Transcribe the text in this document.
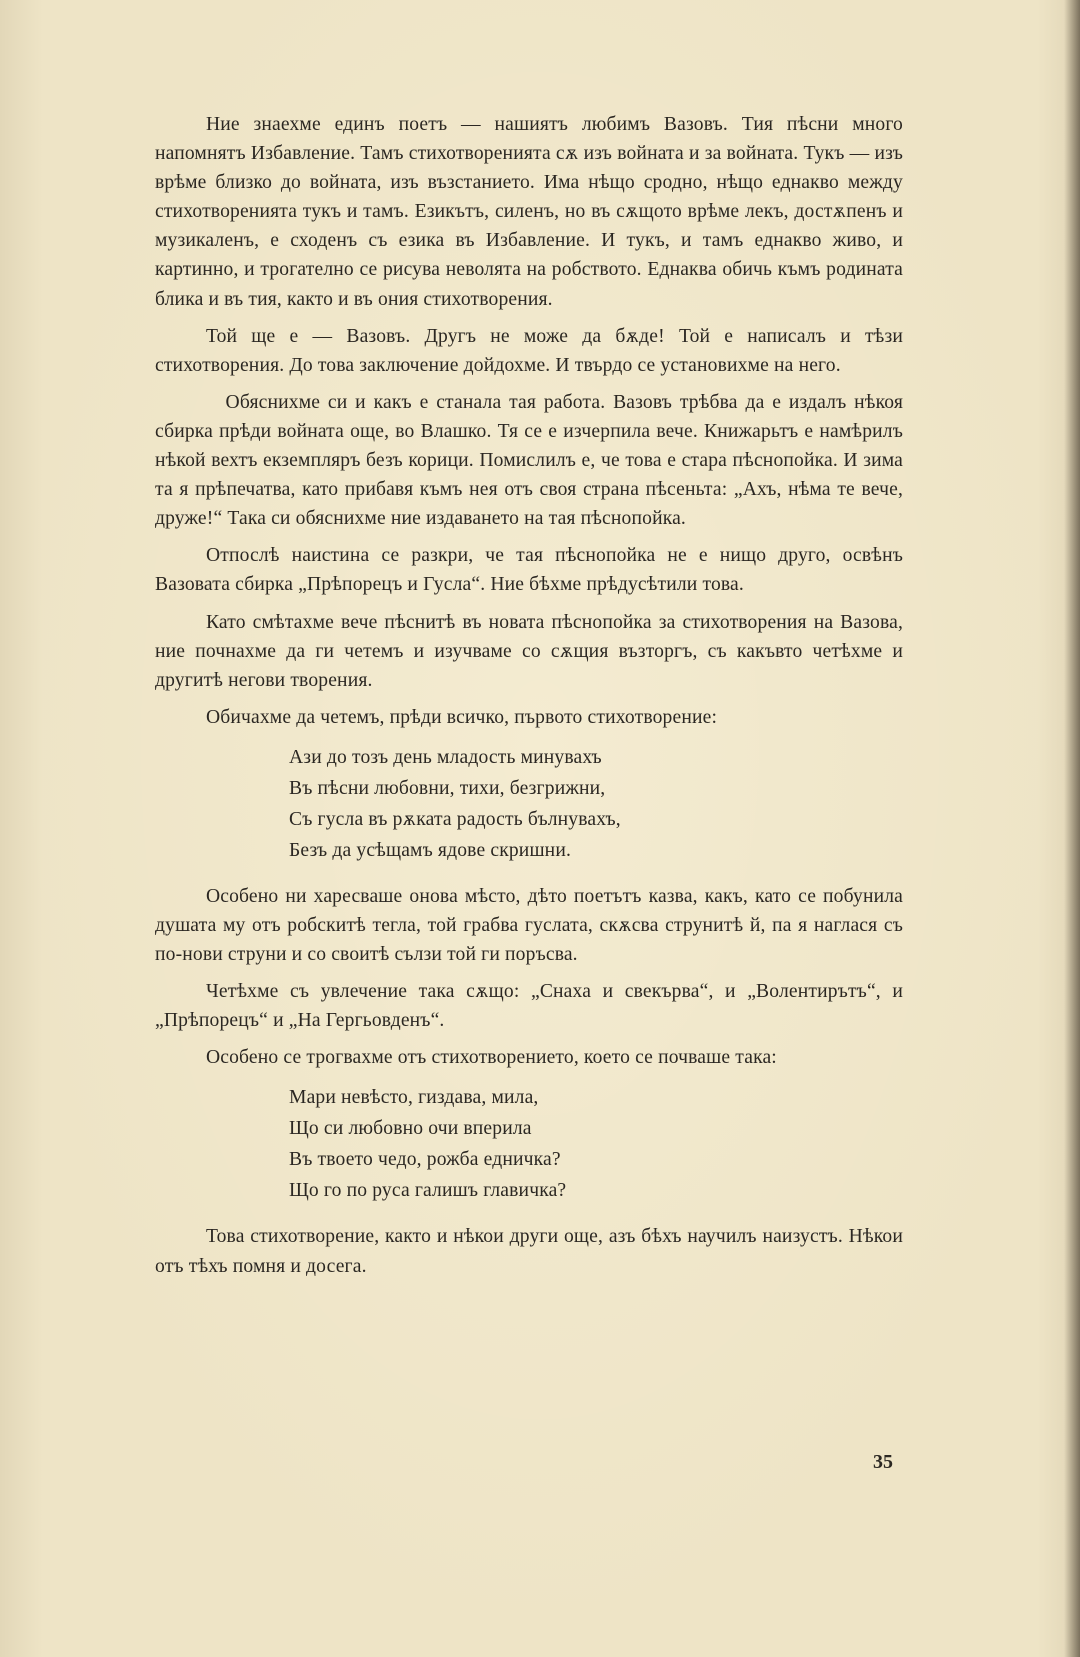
Ние знаехме единъ поетъ — нашиятъ любимъ Вазовъ. Тия пѣсни много напомнятъ Избавление. Тамъ стихотворенията сѫ изъ войната и за войната. Тукъ — изъ врѣме близко до войната, изъ възстанието. Има нѣщо сродно, нѣщо еднакво между стихотворенията тукъ и тамъ. Езикътъ, силенъ, но въ сѫщото врѣме лекъ, достѫпенъ и музикаленъ, е сходенъ съ езика въ Избавление. И тукъ, и тамъ еднакво живо, и картинно, и трогателно се рисува неволята на робството. Еднаква обичь къмъ родината блика и въ тия, както и въ ония стихотворения.

Той ще е — Вазовъ. Другъ не може да бѫде! Той е написалъ и тѣзи стихотворения. До това заключение дойдохме. И твърдо се установихме на него.

Обяснихме си и какъ е станала тая работа. Вазовъ трѣбва да е издалъ нѣкоя сбирка прѣди войната още, во Влашко. Тя се е изчерпила вече. Книжарьтъ е намѣрилъ нѣкой вехтъ екземпляръ безъ корици. Помислилъ е, че това е стара пѣснопойка. И зима та я прѣпечатва, като прибавя къмъ нея отъ своя страна пѣсеньта: „Ахъ, нѣма те вече, друже!“ Така си обяснихме ние издаването на тая пѣснопойка.

Отпослѣ наистина се разкри, че тая пѣснопойка не е нищо друго, освѣнъ Вазовата сбирка „Прѣпорецъ и Гусла“. Ние бѣхме прѣдусѣтили това.

Като смѣтахме вече пѣснитѣ въ новата пѣснопойка за стихотворения на Вазова, ние почнахме да ги четемъ и изучваме со сѫщия възторгъ, съ какъвто четѣхме и другитѣ негови творения.

Обичахме да четемъ, прѣди всичко, първото стихотворение:

Ази до тозъ день младость минувахъ
Въ пѣсни любовни, тихи, безгрижни,
Съ гусла въ рѫката радость бълнувахъ,
Безъ да усѣщамъ ядове скришни.

Особено ни харесваше онова мѣсто, дѣто поетътъ казва, какъ, като се побунила душата му отъ робскитѣ тегла, той грабва гуслата, скѫсва струнитѣ й, па я наглася съ по-нови струни и со своитѣ сълзи той ги поръсва.

Четѣхме съ увлечение така сѫщо: „Снаха и свекърва“, и „Волентирътъ“, и „Прѣпорецъ“ и „На Гергьовденъ“.

Особено се трогвахме отъ стихотворението, което се почваше така:

Мари невѣсто, гиздава, мила,
Що си любовно очи вперила
Въ твоето чедо, рожба едничка?
Що го по руса галишъ главичка?

Това стихотворение, както и нѣкои други още, азъ бѣхъ научилъ наизустъ. Нѣкои отъ тѣхъ помня и досега.

35
